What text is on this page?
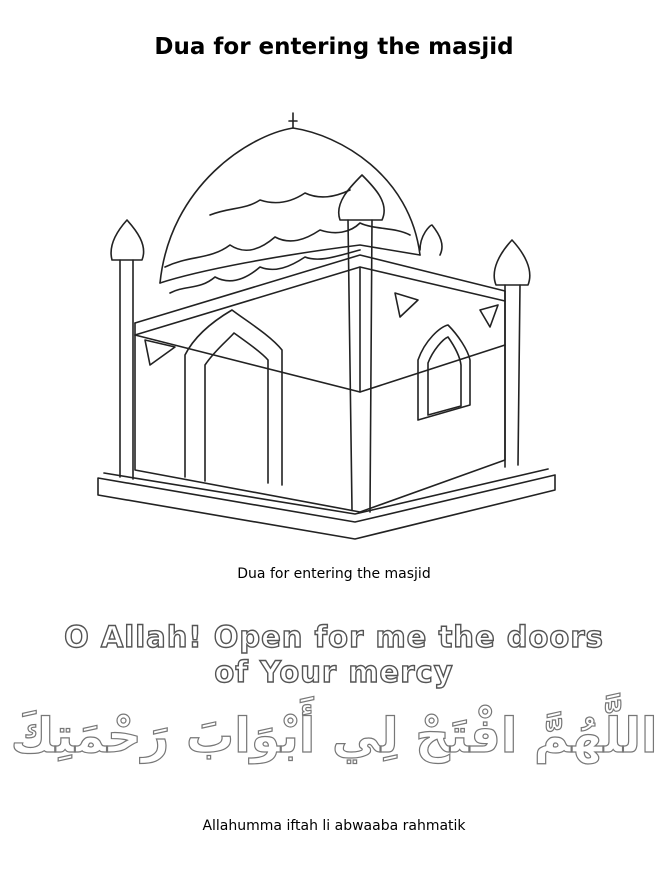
Dua for entering the masjid
Dua for entering the masjid
O Allah! Open for me the doors
of Your mercy
اللَّهُمَّ افْتَحْ لِي أَبْوَابَ رَحْمَتِكَ
Allahumma iftah li abwaaba rahmatik
